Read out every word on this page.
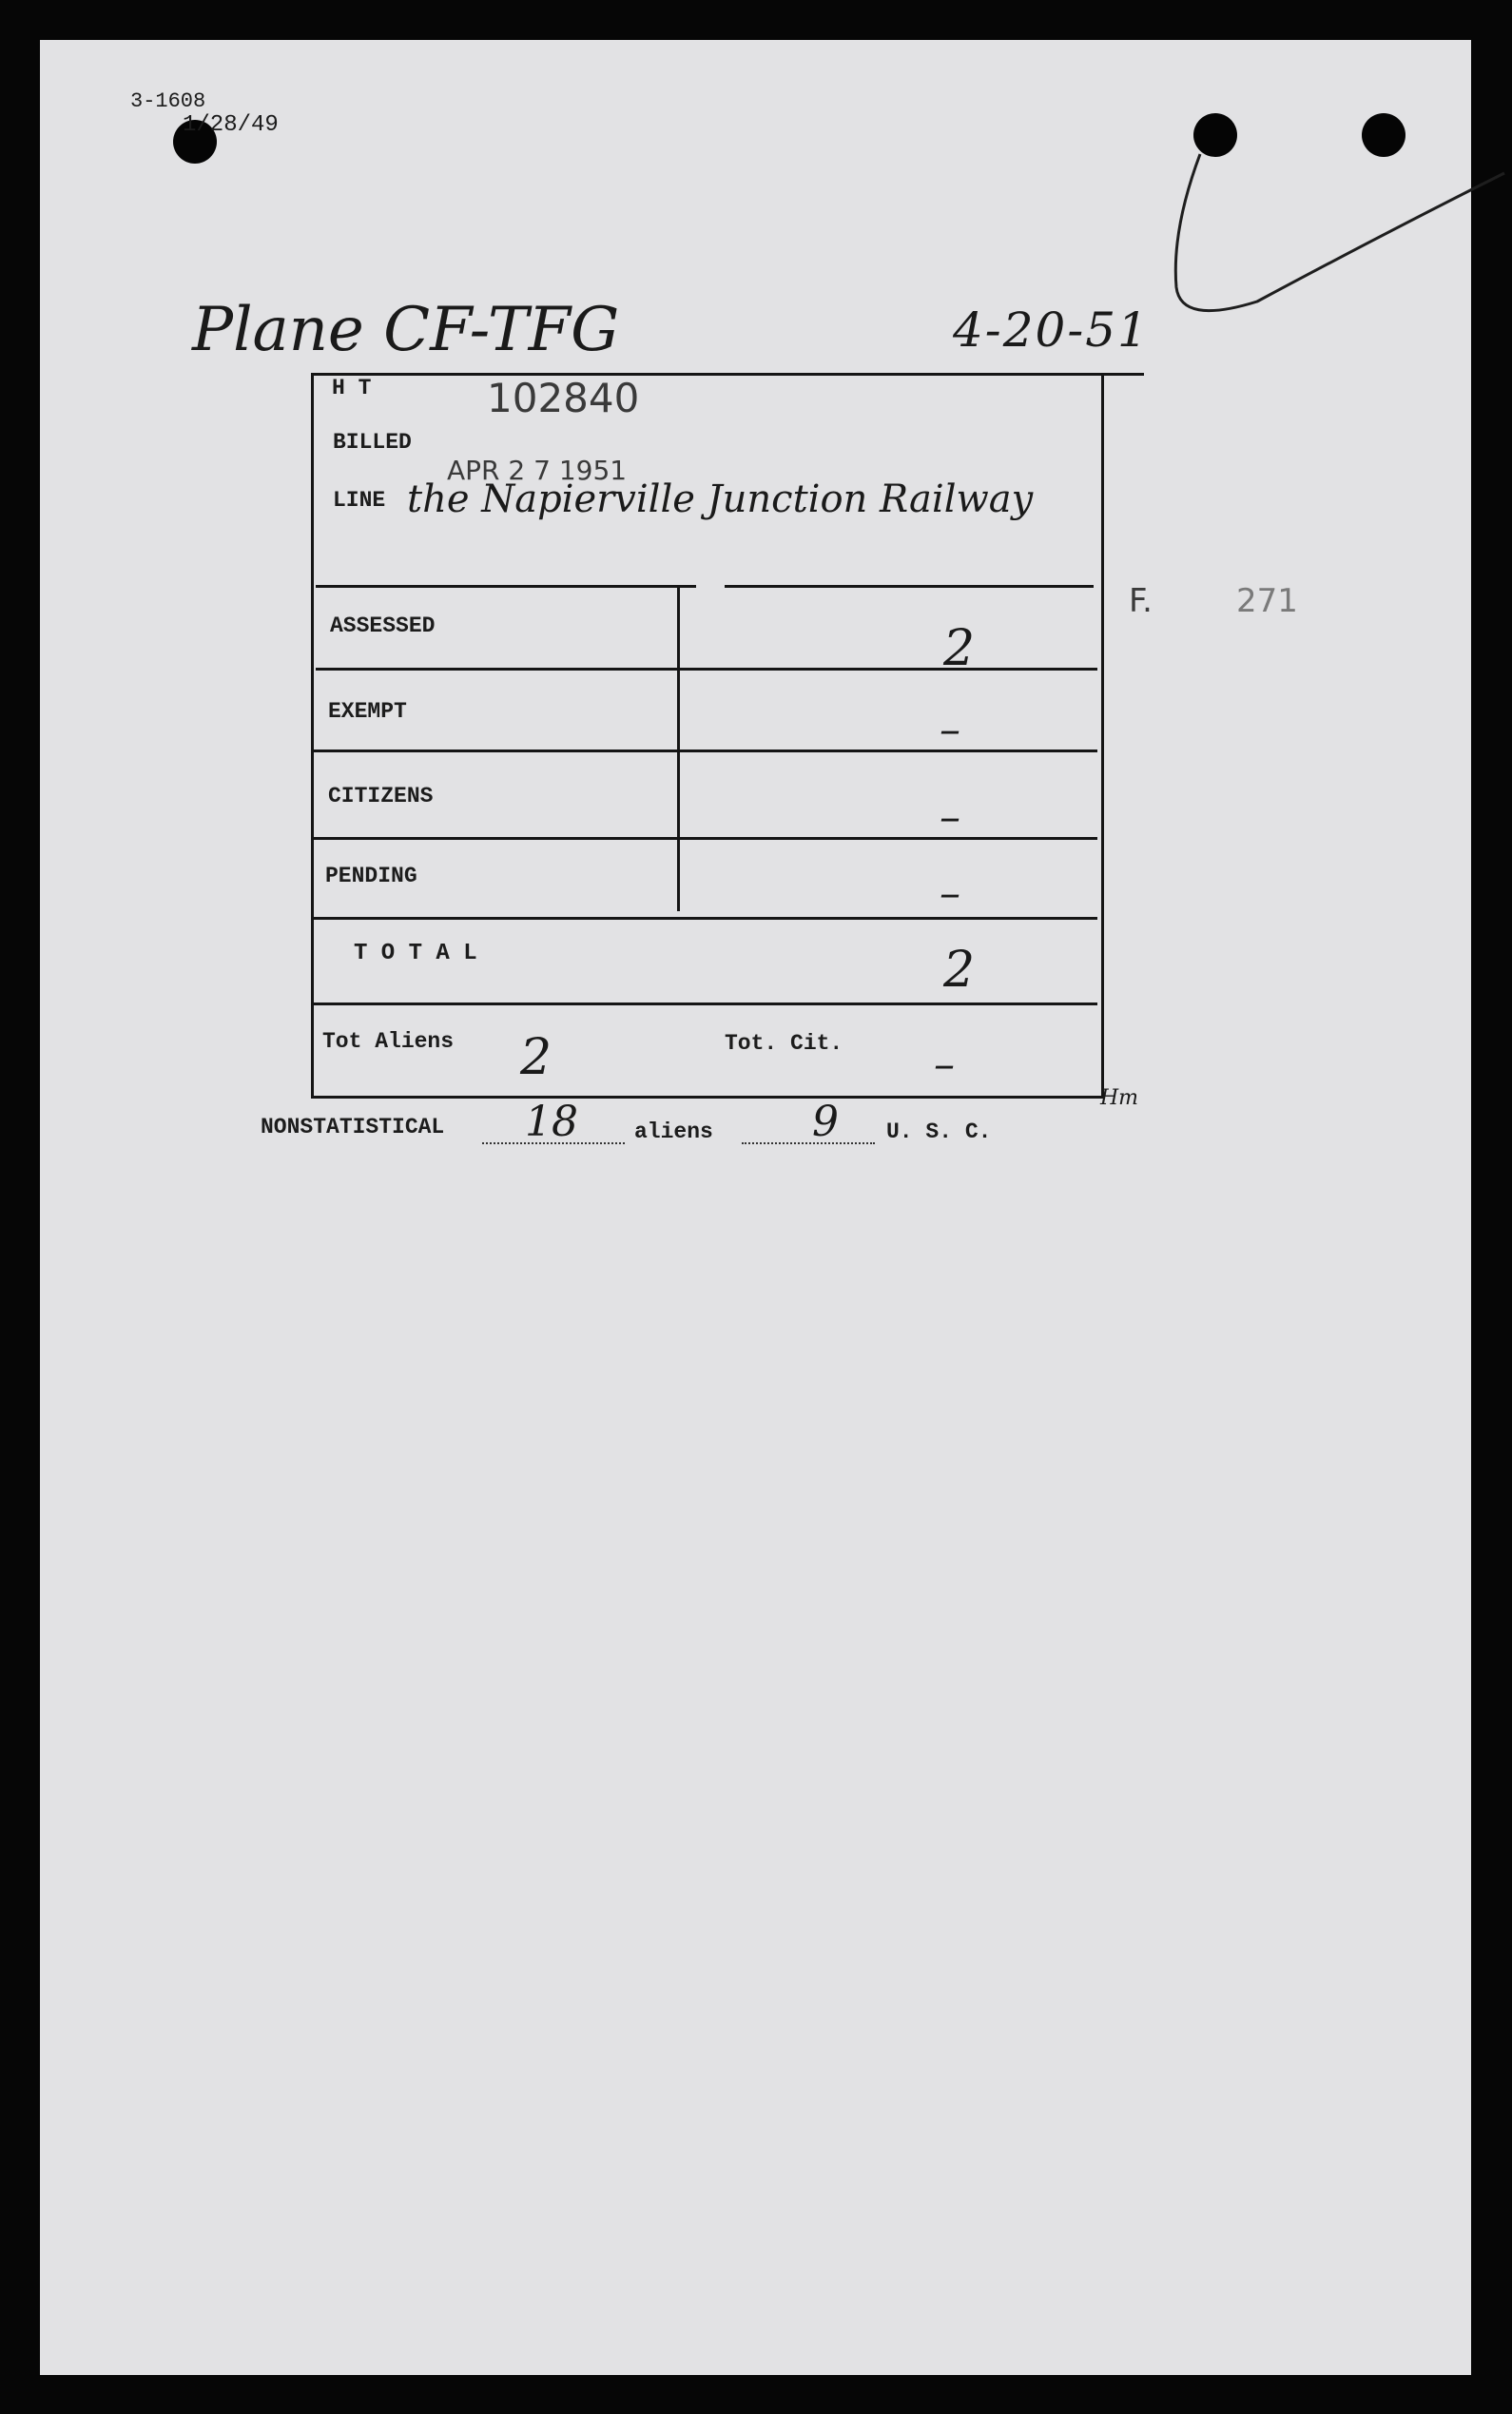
3-1608
1/28/49
Plane CF-TFG	4-20-51
H T	102840
BILLED
APR 2 7 1951
LINE the Napierville Junction Railway
ASSESSED	2
EXEMPT	–
CITIZENS	–
PENDING	–
T O T A L	2
Tot Aliens 2	Tot. Cit. –
Hm
F.	271
NONSTATISTICAL 18	aliens 9 U. S. C.
